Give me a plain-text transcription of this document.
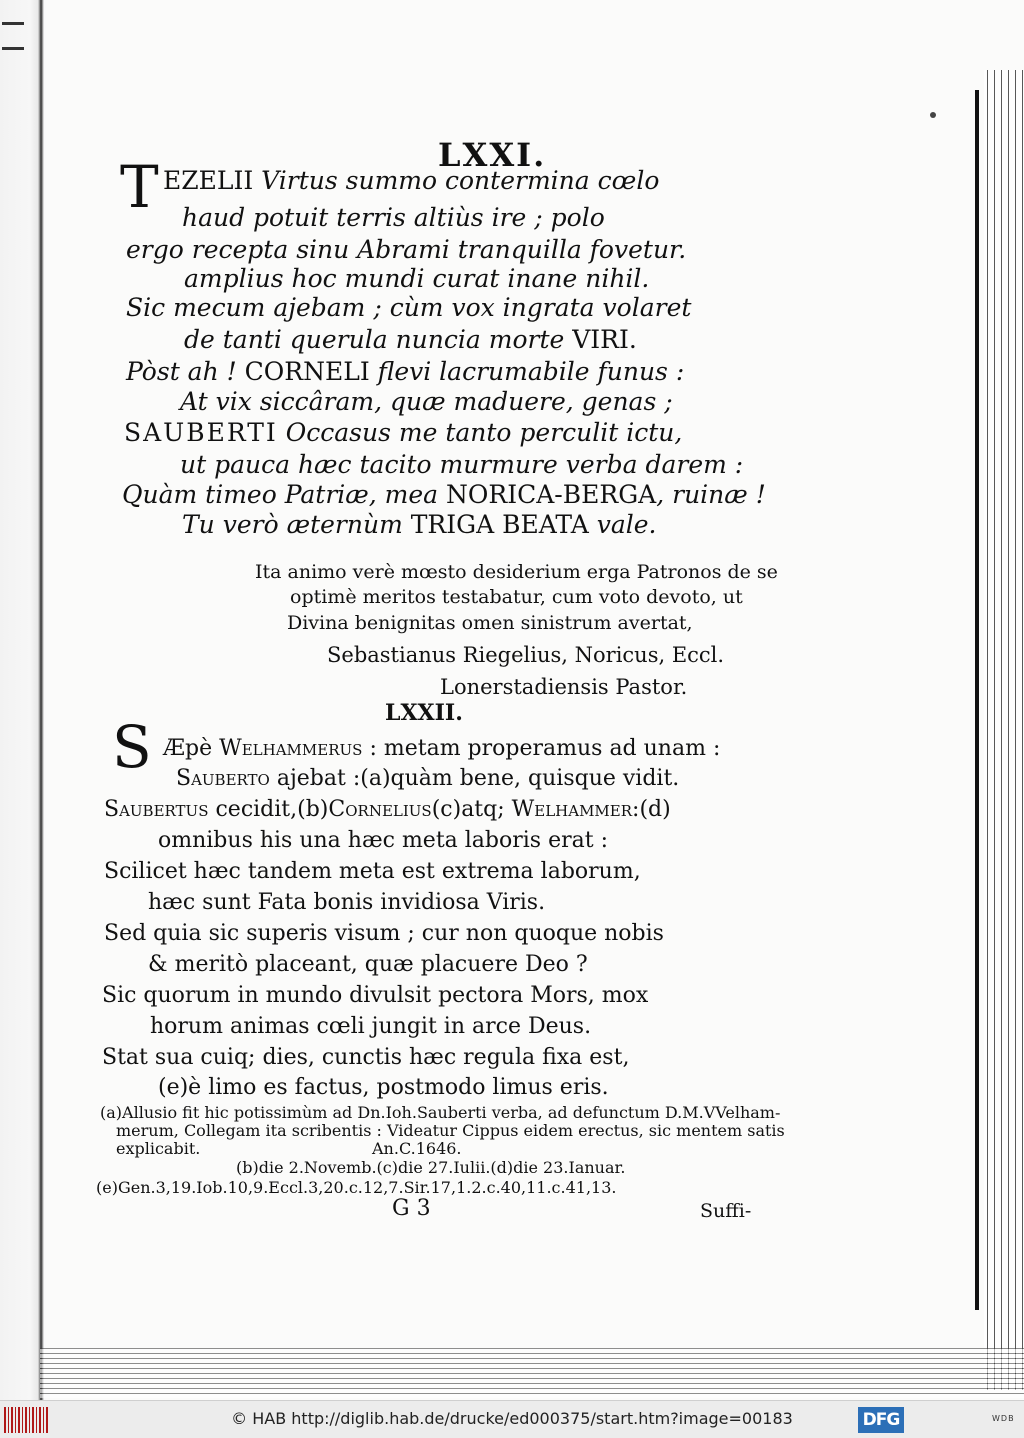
LXXI.
T EZELII Virtus summo contermina cœlo
haud potuit terris altiùs ire ; polo
ergo recepta sinu Abrami tranquilla fovetur.
amplius hoc mundi curat inane nihil.
Sic mecum ajebam ; cùm vox ingrata volaret
de tanti querula nuncia morte VIRI.
Pòst ah ! CORNELI flevi lacrumabile funus :
At vix siccâram, quæ maduere, genas ;
SAUBERTI Occasus me tanto perculit ictu,
ut pauca hæc tacito murmure verba darem :
Quàm timeo Patriæ, mea NORICA-BERGA, ruinæ !
Tu verò æternùm TRIGA BEATA vale.
Ita animo verè mœsto desiderium erga Patronos de se
optimè meritos testabatur, cum voto devoto, ut
Divina benignitas omen sinistrum avertat,
Sebastianus Riegelius, Noricus, Eccl.
Lonerstadiensis Pastor.
LXXII.
S Æpè Welhammerus : metam properamus ad unam :
Sauberto ajebat :(a)quàm bene, quisque vidit.
Saubertus cecidit,(b)Cornelius(c)atq; Welhammer:(d)
omnibus his una hæc meta laboris erat :
Scilicet hæc tandem meta est extrema laborum,
hæc sunt Fata bonis invidiosa Viris.
Sed quia sic superis visum ; cur non quoque nobis
& meritò placeant, quæ placuere Deo ?
Sic quorum in mundo divulsit pectora Mors, mox
horum animas cœli jungit in arce Deus.
Stat sua cuiq; dies, cunctis hæc regula fixa est,
(e)è limo es factus, postmodo limus eris.
(a)Allusio fit hic potissimùm ad Dn.Ioh.Sauberti verba, ad defunctum D.M.VVelham-
merum, Collegam ita scribentis : Videatur Cippus eidem erectus, sic mentem satis
explicabit.	An.C.1646.
(b)die 2.Novemb.(c)die 27.Iulii.(d)die 23.Ianuar.
(e)Gen.3,19.Iob.10,9.Eccl.3,20.c.12,7.Sir.17,1.2.c.40,11.c.41,13.
G 3	Suffi-
© HAB http://diglib.hab.de/drucke/ed000375/start.htm?image=00183	DFG	WDB
